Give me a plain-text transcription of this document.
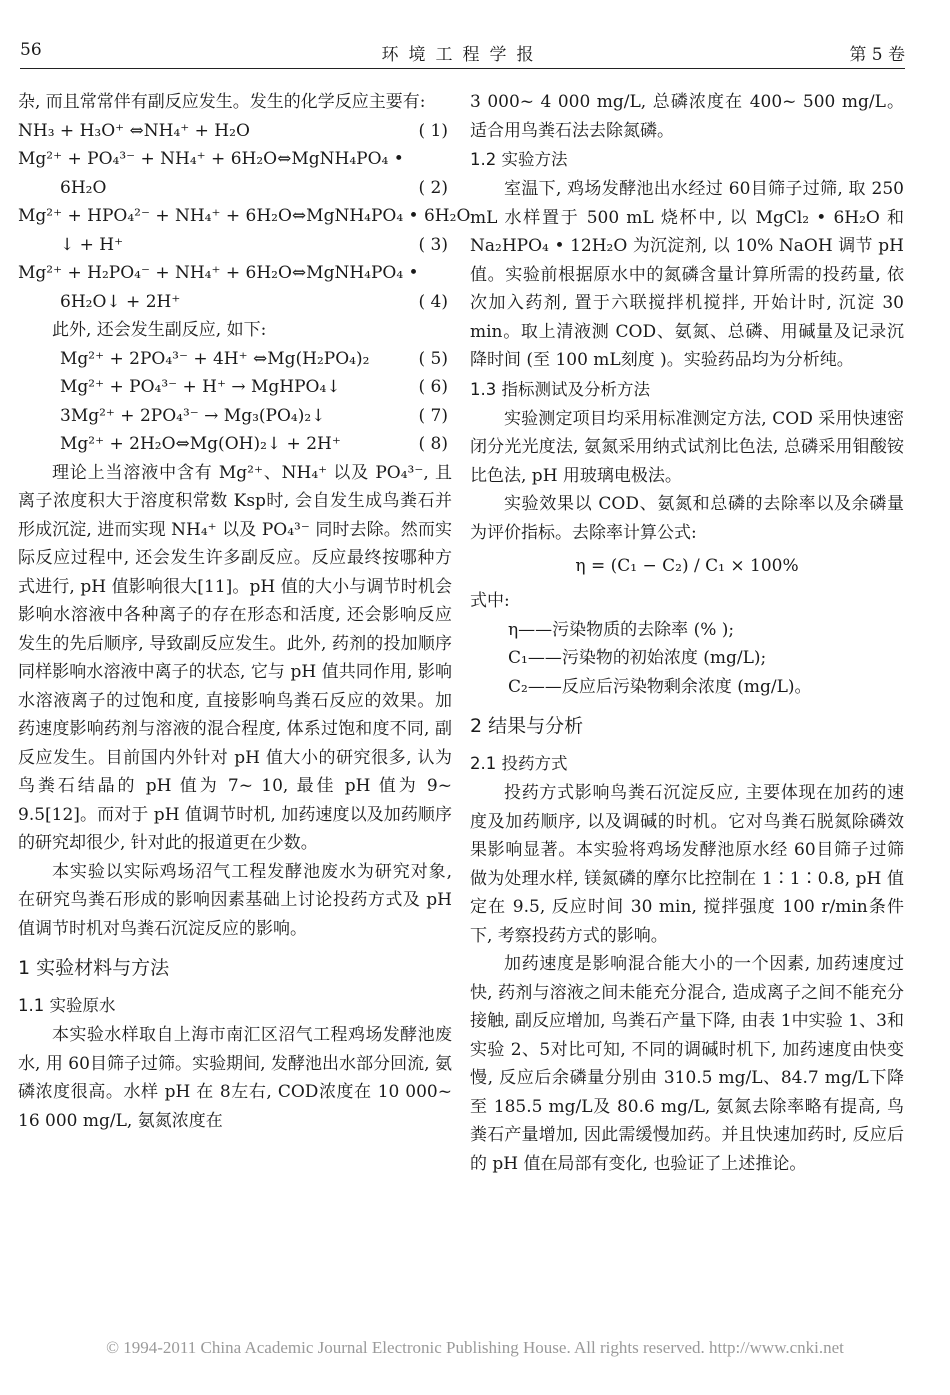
56	环境工程学报	第 5 卷

杂, 而且常常伴有副反应发生。发生的化学反应主要有:

NH₃ + H₃O⁺ ⇔NH₄⁺ + H₂O	( 1)

Mg²⁺ + PO₄³⁻ + NH₄⁺ + 6H₂O⇔MgNH₄PO₄ •

6H₂O	( 2)

Mg²⁺ + HPO₄²⁻ + NH₄⁺ + 6H₂O⇔MgNH₄PO₄ • 6H₂O

↓ + H⁺	( 3)

Mg²⁺ + H₂PO₄⁻ + NH₄⁺ + 6H₂O⇔MgNH₄PO₄ •

6H₂O↓ + 2H⁺	( 4)

此外, 还会发生副反应, 如下:

Mg²⁺ + 2PO₄³⁻ + 4H⁺ ⇔Mg(H₂PO₄)₂	( 5)

Mg²⁺ + PO₄³⁻ + H⁺ → MgHPO₄↓	( 6)

3Mg²⁺ + 2PO₄³⁻ → Mg₃(PO₄)₂↓	( 7)

Mg²⁺ + 2H₂O⇔Mg(OH)₂↓ + 2H⁺	( 8)

理论上当溶液中含有 Mg²⁺、NH₄⁺ 以及 PO₄³⁻, 且离子浓度积大于溶度积常数 Ksp时, 会自发生成鸟粪石并形成沉淀, 进而实现 NH₄⁺ 以及 PO₄³⁻ 同时去除。然而实际反应过程中, 还会发生许多副反应。反应最终按哪种方式进行, pH 值影响很大[11]。pH 值的大小与调节时机会影响水溶液中各种离子的存在形态和活度, 还会影响反应发生的先后顺序, 导致副反应发生。此外, 药剂的投加顺序同样影响水溶液中离子的状态, 它与 pH 值共同作用, 影响水溶液离子的过饱和度, 直接影响鸟粪石反应的效果。加药速度影响药剂与溶液的混合程度, 体系过饱和度不同, 副反应发生。目前国内外针对 pH 值大小的研究很多, 认为鸟粪石结晶的 pH 值为 7~ 10, 最佳 pH 值为 9~ 9.5[12]。而对于 pH 值调节时机, 加药速度以及加药顺序的研究却很少, 针对此的报道更在少数。

本实验以实际鸡场沼气工程发酵池废水为研究对象, 在研究鸟粪石形成的影响因素基础上讨论投药方式及 pH 值调节时机对鸟粪石沉淀反应的影响。

1 实验材料与方法
1.1 实验原水

本实验水样取自上海市南汇区沼气工程鸡场发酵池废水, 用 60目筛子过筛。实验期间, 发酵池出水部分回流, 氨磷浓度很高。水样 pH 在 8左右, COD浓度在 10 000~ 16 000 mg/L, 氨氮浓度在

3 000~ 4 000 mg/L, 总磷浓度在 400~ 500 mg/L。适合用鸟粪石法去除氮磷。

1.2 实验方法

室温下, 鸡场发酵池出水经过 60目筛子过筛, 取 250 mL 水样置于 500 mL 烧杯中, 以 MgCl₂ • 6H₂O 和 Na₂HPO₄ • 12H₂O 为沉淀剂, 以 10% NaOH 调节 pH 值。实验前根据原水中的氮磷含量计算所需的投药量, 依次加入药剂, 置于六联搅拌机搅拌, 开始计时, 沉淀 30 min。取上清液测 COD、氨氮、总磷、用碱量及记录沉降时间 (至 100 mL刻度 )。实验药品均为分析纯。

1.3 指标测试及分析方法

实验测定项目均采用标准测定方法, COD 采用快速密闭分光光度法, 氨氮采用纳式试剂比色法, 总磷采用钼酸铵比色法, pH 用玻璃电极法。

实验效果以 COD、氨氮和总磷的去除率以及余磷量为评价指标。去除率计算公式:

η = (C₁ − C₂) / C₁ × 100%

式中:

η——污染物质的去除率 (% );

C₁——污染物的初始浓度 (mg/L);

C₂——反应后污染物剩余浓度 (mg/L)。

2 结果与分析
2.1 投药方式

投药方式影响鸟粪石沉淀反应, 主要体现在加药的速度及加药顺序, 以及调碱的时机。它对鸟粪石脱氮除磷效果影响显著。本实验将鸡场发酵池原水经 60目筛子过筛做为处理水样, 镁氮磷的摩尔比控制在 1∶1∶0.8, pH 值定在 9.5, 反应时间 30 min, 搅拌强度 100 r/min条件下, 考察投药方式的影响。

加药速度是影响混合能大小的一个因素, 加药速度过快, 药剂与溶液之间未能充分混合, 造成离子之间不能充分接触, 副反应增加, 鸟粪石产量下降, 由表 1中实验 1、3和实验 2、5对比可知, 不同的调碱时机下, 加药速度由快变慢, 反应后余磷量分别由 310.5 mg/L、84.7 mg/L下降至 185.5 mg/L及 80.6 mg/L, 氨氮去除率略有提高, 鸟粪石产量增加, 因此需缓慢加药。并且快速加药时, 反应后的 pH 值在局部有变化, 也验证了上述推论。

© 1994-2011 China Academic Journal Electronic Publishing House. All rights reserved. http://www.cnki.net
